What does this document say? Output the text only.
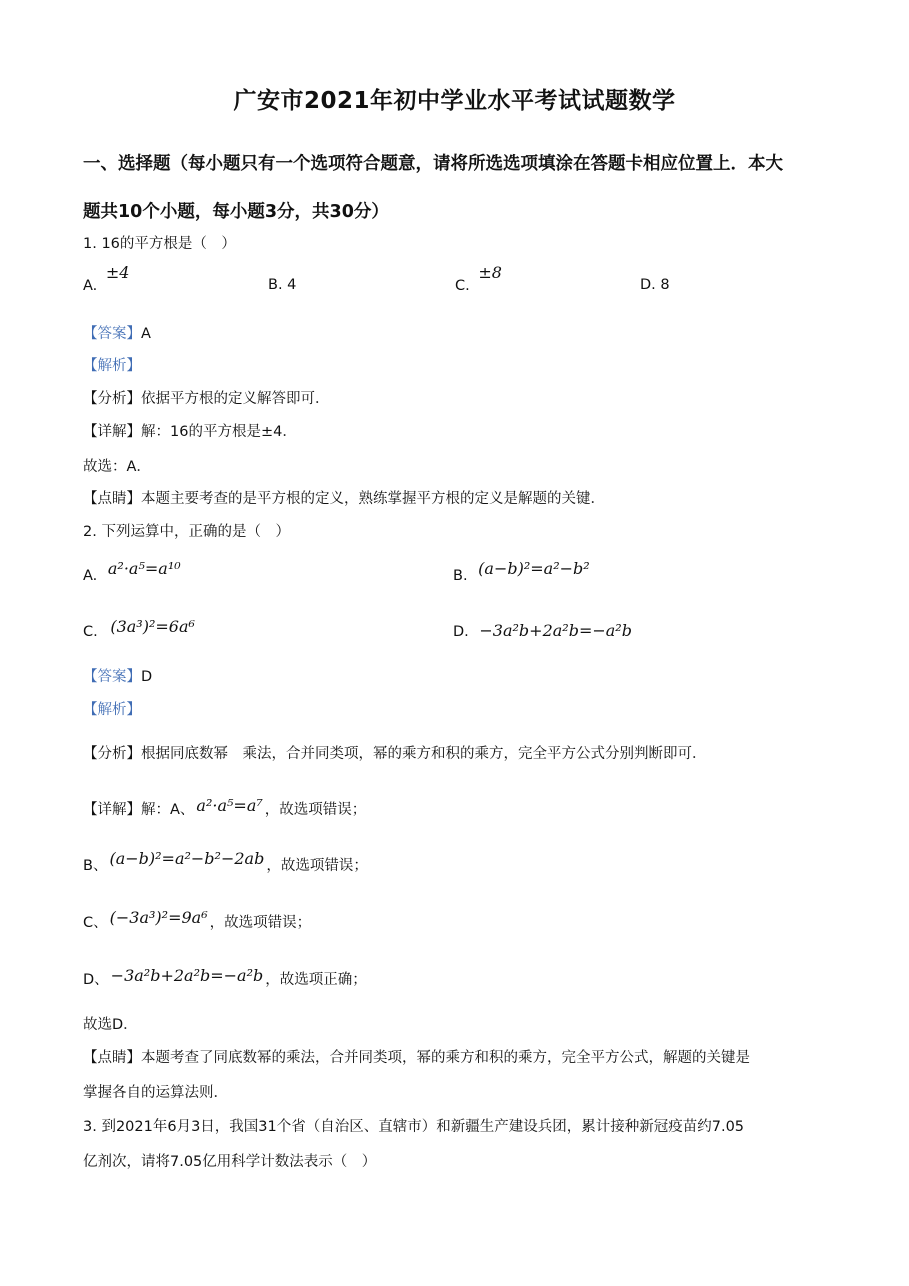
广安市2021年初中学业水平考试试题数学
一、选择题（每小题只有一个选项符合题意，请将所选选项填涂在答题卡相应位置上．本大
题共10个小题，每小题3分，共30分）
1. 16的平方根是（　）
A. ±4
B. 4	C. ±8
D. 8
【答案】A
【解析】
【分析】依据平方根的定义解答即可．
【详解】解：16的平方根是±4．
故选：A．
【点睛】本题主要考查的是平方根的定义，熟练掌握平方根的定义是解题的关键．
2. 下列运算中，正确的是（　）
A. a²·a⁵=a¹⁰	B. (a−b)²=a²−b²
C. (3a³)²=6a⁶	D. −3a²b+2a²b=−a²b
【答案】D
【解析】
【分析】根据同底数幂　乘法，合并同类项，幂的乘方和积的乘方，完全平方公式分别判断即可．
【详解】解：A、 a²·a⁵=a⁷ ，故选项错误；
B、 (a−b)²=a²−b²−2ab ，故选项错误；
C、 (−3a³)²=9a⁶ ，故选项错误；
D、 −3a²b+2a²b=−a²b ，故选项正确；
故选D．
【点睛】本题考查了同底数幂的乘法，合并同类项，幂的乘方和积的乘方，完全平方公式，解题的关键是
掌握各自的运算法则．
3. 到2021年6月3日，我国31个省（自治区、直辖市）和新疆生产建设兵团，累计接种新冠疫苗约7.05
亿剂次，请将7.05亿用科学计数法表示（　）
